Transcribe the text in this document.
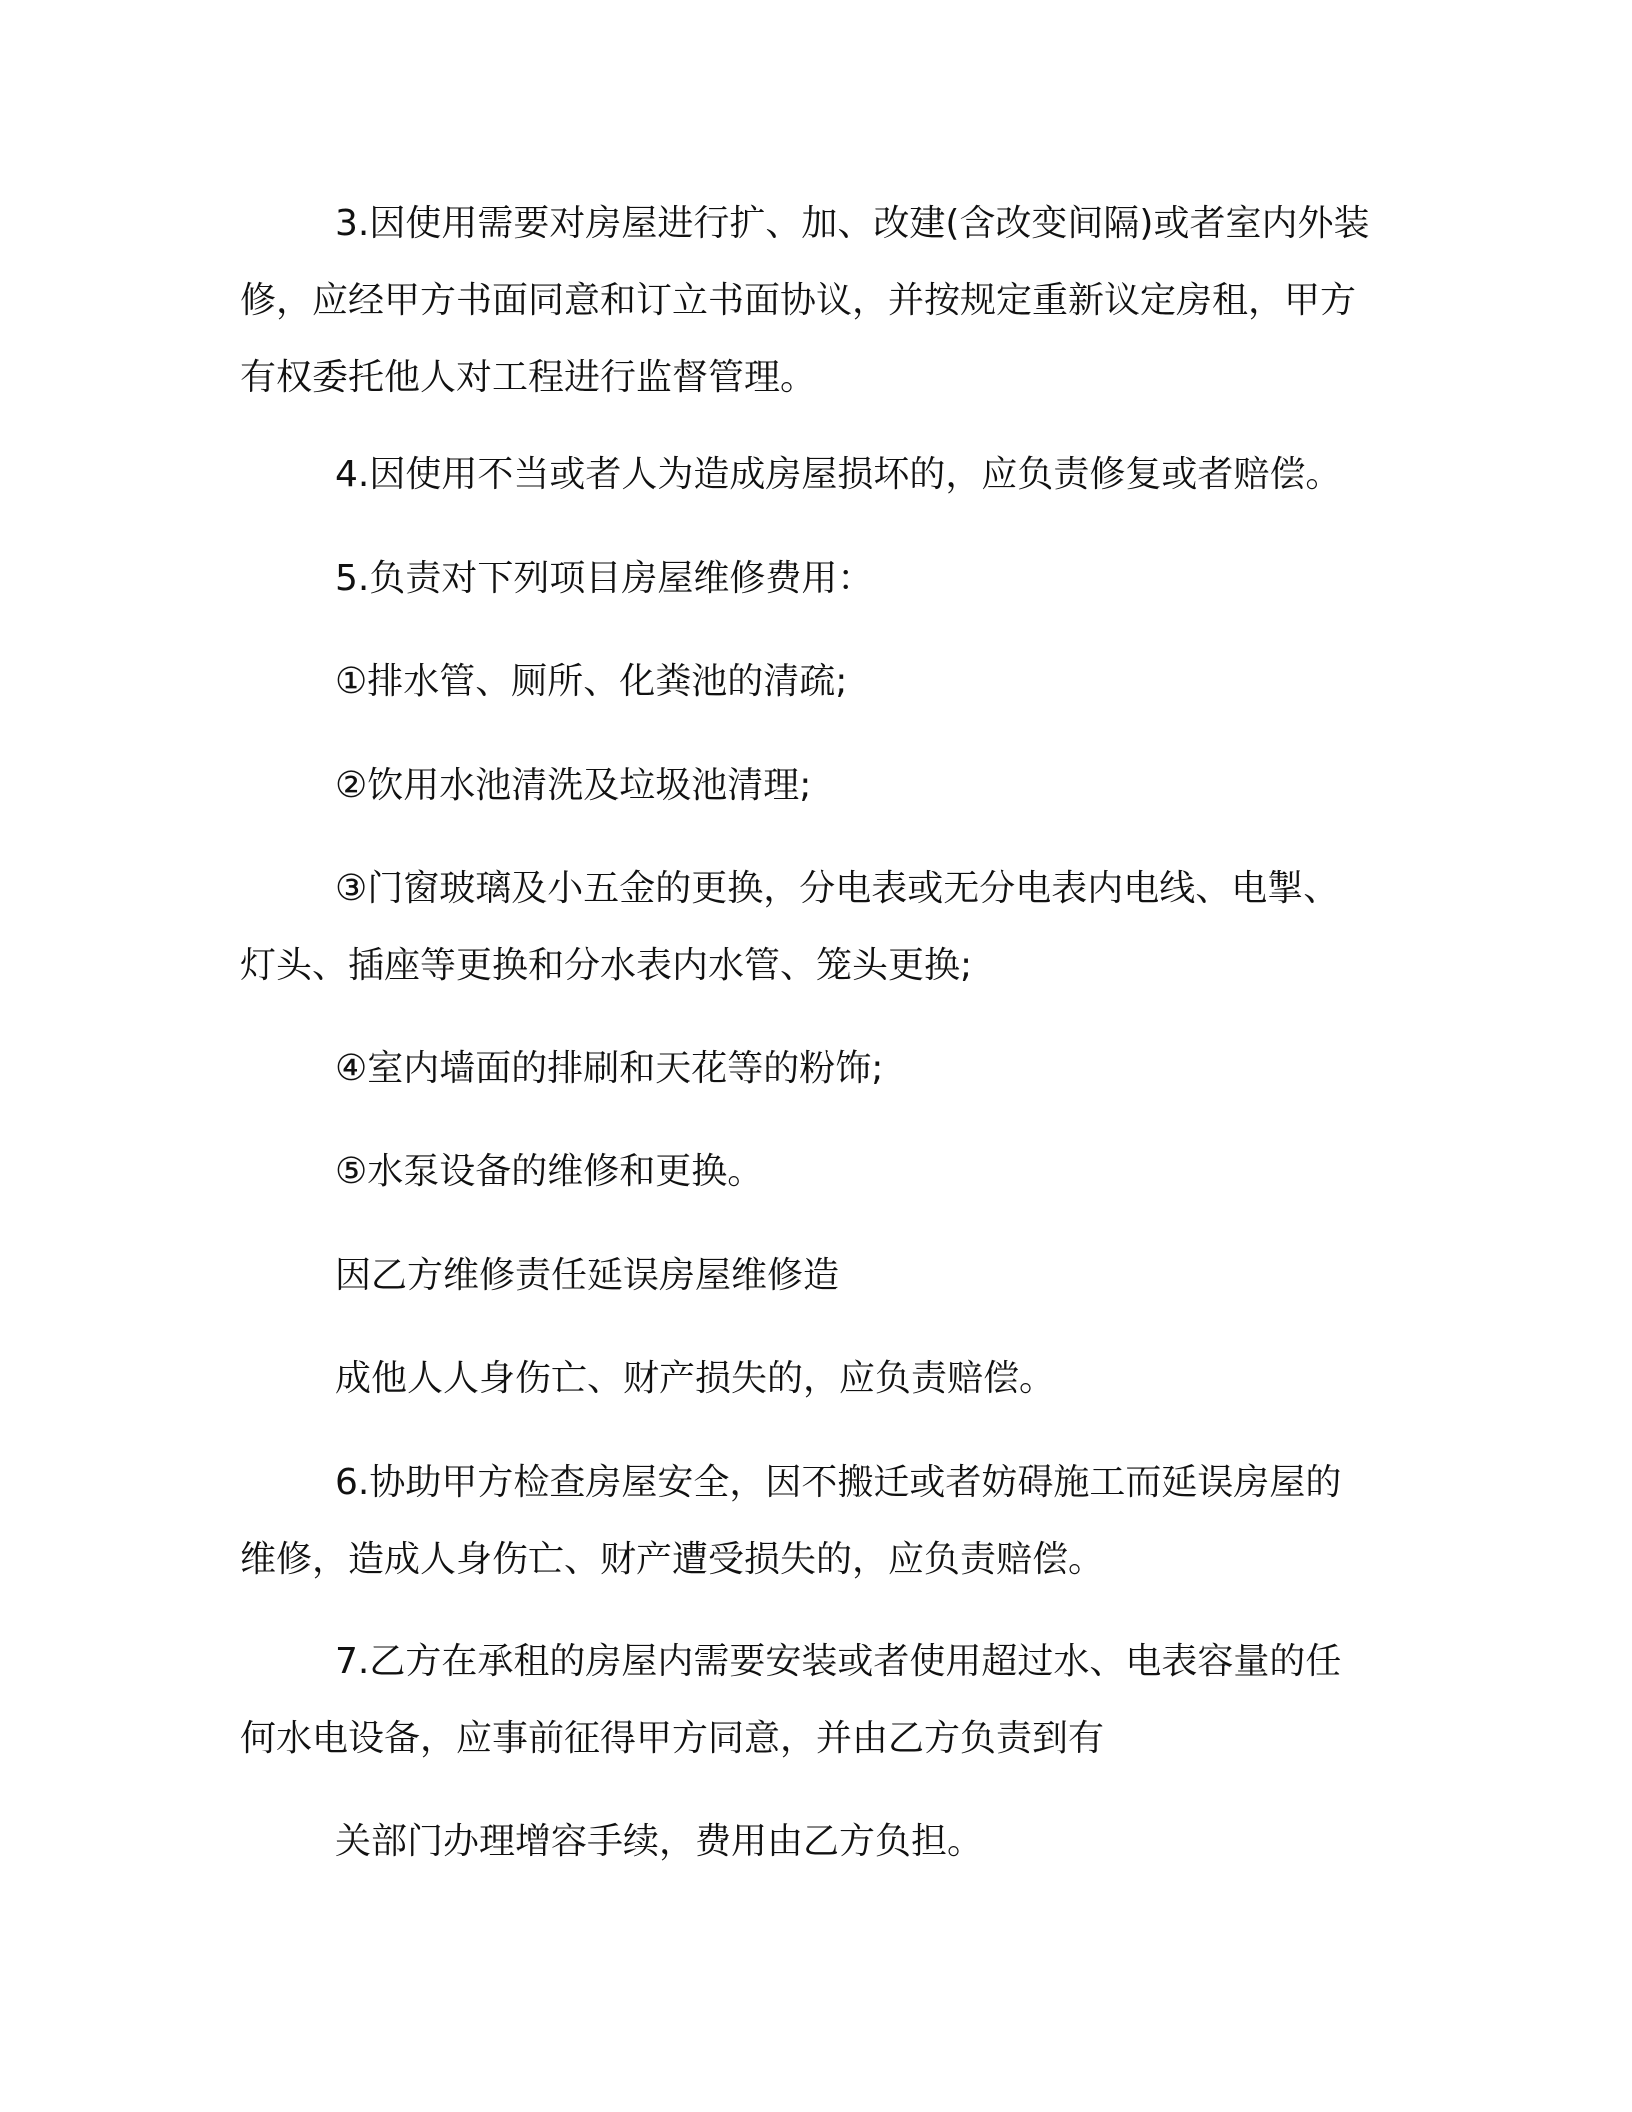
3.因使用需要对房屋进行扩、加、改建(含改变间隔)或者室内外装修，应经甲方书面同意和订立书面协议，并按规定重新议定房租，甲方有权委托他人对工程进行监督管理。

4.因使用不当或者人为造成房屋损坏的，应负责修复或者赔偿。

5.负责对下列项目房屋维修费用：

①排水管、厕所、化粪池的清疏;

②饮用水池清洗及垃圾池清理;

③门窗玻璃及小五金的更换，分电表或无分电表内电线、电掣、灯头、插座等更换和分水表内水管、笼头更换;

④室内墙面的排刷和天花等的粉饰;

⑤水泵设备的维修和更换。

因乙方维修责任延误房屋维修造

成他人人身伤亡、财产损失的，应负责赔偿。

6.协助甲方检查房屋安全，因不搬迁或者妨碍施工而延误房屋的维修，造成人身伤亡、财产遭受损失的，应负责赔偿。

7.乙方在承租的房屋内需要安装或者使用超过水、电表容量的任何水电设备，应事前征得甲方同意，并由乙方负责到有

关部门办理增容手续，费用由乙方负担。
